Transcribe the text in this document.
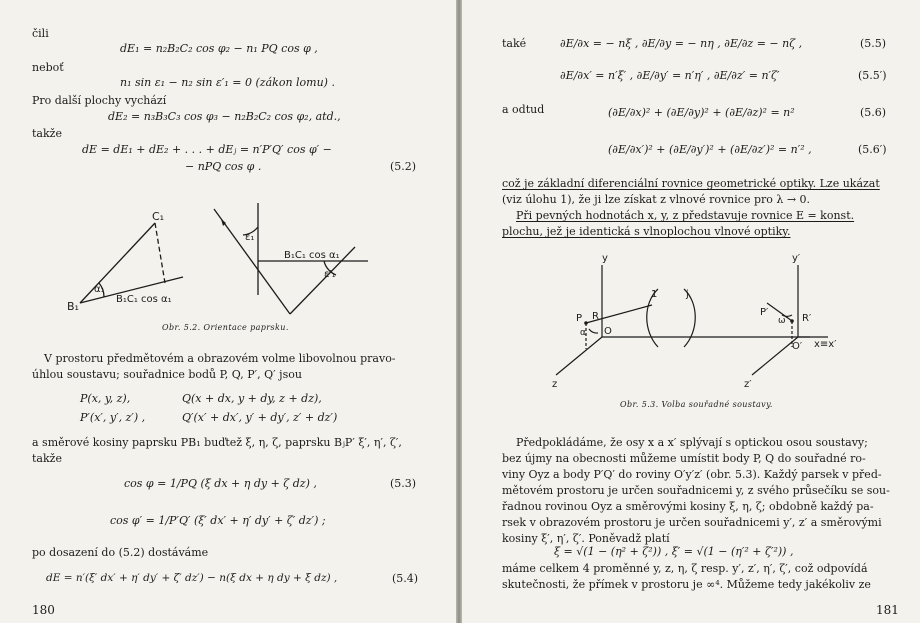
čili
dE₁ = n₂B₂C₂ cos φ₂ − n₁ PQ cos φ ,
neboť
n₁ sin ε₁ − n₂ sin ε′₁ = 0 (zákon lomu) .
Pro další plochy vychází
dE₂ = n₃B₃C₃ cos φ₃ − n₂B₂C₂ cos φ₂, atd.,
takže
dE = dE₁ + dE₂ + . . . + dEⱼ = n′P′Q′ cos φ′ −
− nPQ cos φ .	(5.2)
C₁
α₁
B₁
B₁C₁ cos α₁
ε₁
B₁C₁ cos α₁
ε′₁
Obr. 5.2. Orientace paprsku.
V prostoru předmětovém a obrazovém volme libovolnou pravo-
úhlou soustavu; souřadnice bodů P, Q, P′, Q′ jsou
P(x, y, z),	Q(x + dx, y + dy, z + dz),
P′(x′, y′, z′) ,	Q′(x′ + dx′, y′ + dy′, z′ + dz′)
a směrové kosiny paprsku PB₁ buďtež ξ, η, ζ, paprsku BⱼP′ ξ′, η′, ζ′,
takže
cos φ = 1/PQ (ξ dx + η dy + ζ dz) ,	(5.3)
cos φ′ = 1/P′Q′ (ξ′ dx′ + η′ dy′ + ζ′ dz′) ;
po dosazení do (5.2) dostáváme
dE = n′(ξ′ dx′ + η′ dy′ + ζ′ dz′) − n(ξ dx + η dy + ξ dz) ,	(5.4)
180
také	∂E/∂x = − nξ , ∂E/∂y = − nη , ∂E/∂z = − nζ ,	(5.5)
∂E/∂x′ = n′ξ′ , ∂E/∂y′ = n′η′ , ∂E/∂z′ = n′ζ′	(5.5′)
a odtud	(∂E/∂x)² + (∂E/∂y)² + (∂E/∂z)² = n²	(5.6)
(∂E/∂x′)² + (∂E/∂y′)² + (∂E/∂z′)² = n′² ,	(5.6′)
což je základní diferenciální rovnice geometrické optiky. Lze ukázat
(viz úlohu 1), že ji lze získat z vlnové rovnice pro λ → 0.
Při pevných hodnotách x, y, z představuje rovnice E = konst.
plochu, jež je identická s vlnoplochou vlnové optiky.
y	y′
1	j
P R
α O
z
P′
ω′ R′
O′ x≡x′
z′
Obr. 5.3. Volba souřadné soustavy.
Předpokládáme, že osy x a x′ splývají s optickou osou soustavy;
bez újmy na obecnosti můžeme umístit body P, Q do souřadné ro-
viny Oyz a body P′Q′ do roviny O′y′z′ (obr. 5.3). Každý parsek v před-
mětovém prostoru je určen souřadnicemi y, z svého průsečíku se sou-
řadnou rovinou Oyz a směrovými kosiny ξ, η, ζ; obdobně každý pa-
rsek v obrazovém prostoru je určen souřadnicemi y′, z′ a směrovými
kosiny ξ′, η′, ζ′. Poněvadž platí
ξ = √(1 − (η² + ζ²)) , ξ′ = √(1 − (η′² + ζ′²)) ,
máme celkem 4 proměnné y, z, η, ζ resp. y′, z′, η′, ζ′, což odpovídá
skutečnosti, že přímek v prostoru je ∞⁴. Můžeme tedy jakékoliv ze
181
